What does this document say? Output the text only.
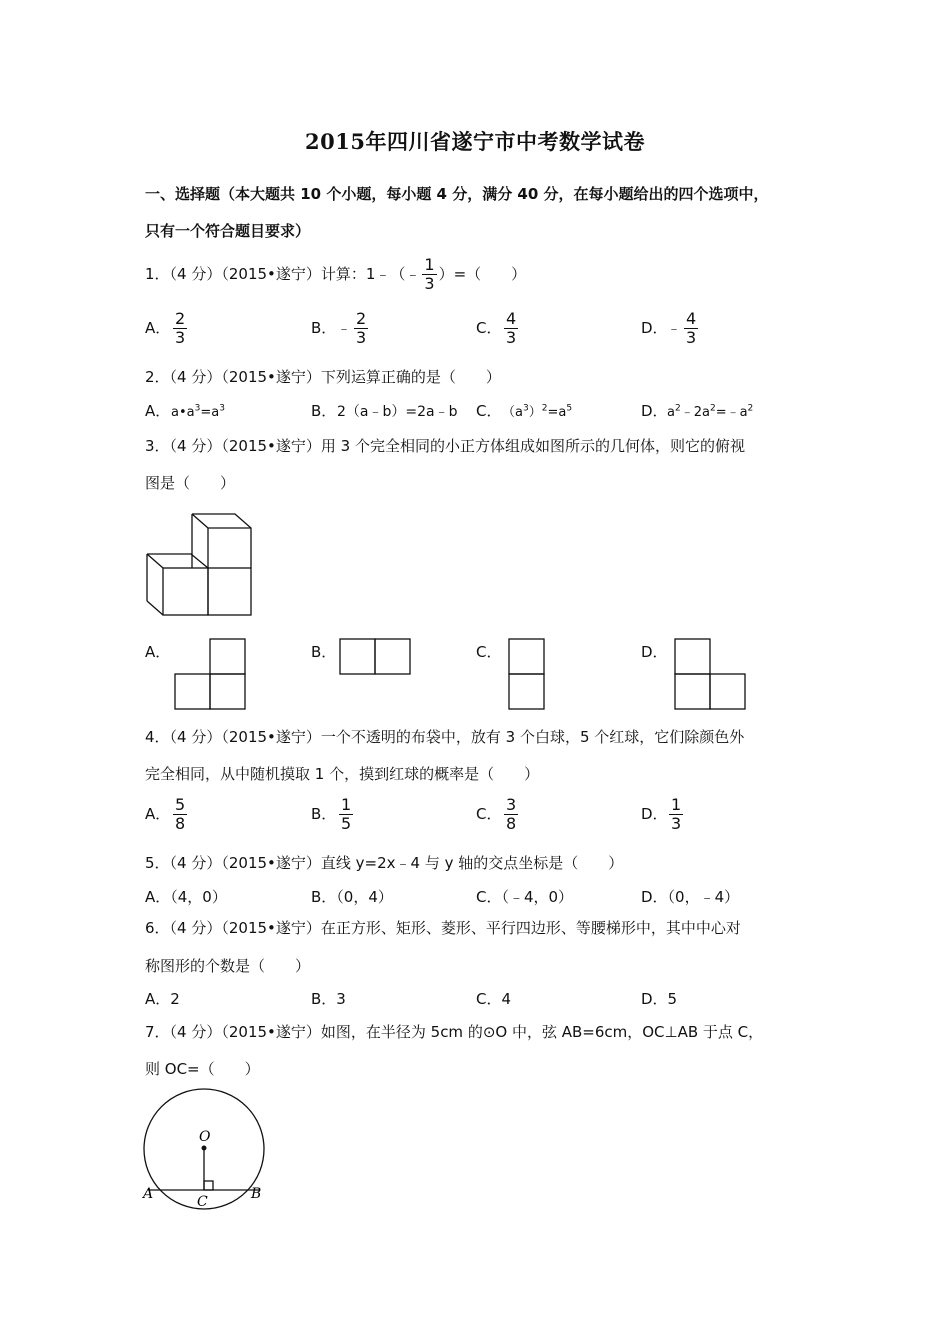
2015年四川省遂宁市中考数学试卷
一、选择题（本大题共 10 个小题，每小题 4 分，满分 40 分，在每小题给出的四个选项中，
只有一个符合题目要求）
1．（4 分）（2015•遂宁）计算：1﹣（﹣ $\frac{1}{3}$ ）=（　　）
A． $\frac{2}{3}$	B．﹣ $\frac{2}{3}$	C． $\frac{4}{3}$	D．﹣ $\frac{4}{3}$
2．（4 分）（2015•遂宁）下列运算正确的是（　　）
A．$a•a^3=a^3$	B．2（a﹣b）=2a﹣b C．$(a^3)^2=a^5$	D．$a^2﹣2a^2=﹣a^2$
3．（4 分）（2015•遂宁）用 3 个完全相同的小正方体组成如图所示的几何体，则它的俯视
图是（　　）
A．	B．	C．	D．
4．（4 分）（2015•遂宁）一个不透明的布袋中，放有 3 个白球，5 个红球，它们除颜色外
完全相同，从中随机摸取 1 个，摸到红球的概率是（　　）
A． $\frac{5}{8}$	B． $\frac{1}{5}$	C． $\frac{3}{8}$	D． $\frac{1}{3}$
5．（4 分）（2015•遂宁）直线 y=2x﹣4 与 y 轴的交点坐标是（　　）
A．（4，0）	B．（0，4）	C．（﹣4，0）	D．（0，﹣4）
6．（4 分）（2015•遂宁）在正方形、矩形、菱形、平行四边形、等腰梯形中，其中中心对
称图形的个数是（　　）
A．2	B．3	C．4	D．5
7．（4 分）（2015•遂宁）如图，在半径为 5cm 的⊙O 中，弦 AB=6cm，OC⊥AB 于点 C，
则 OC=（　　）
O
A	B
C
